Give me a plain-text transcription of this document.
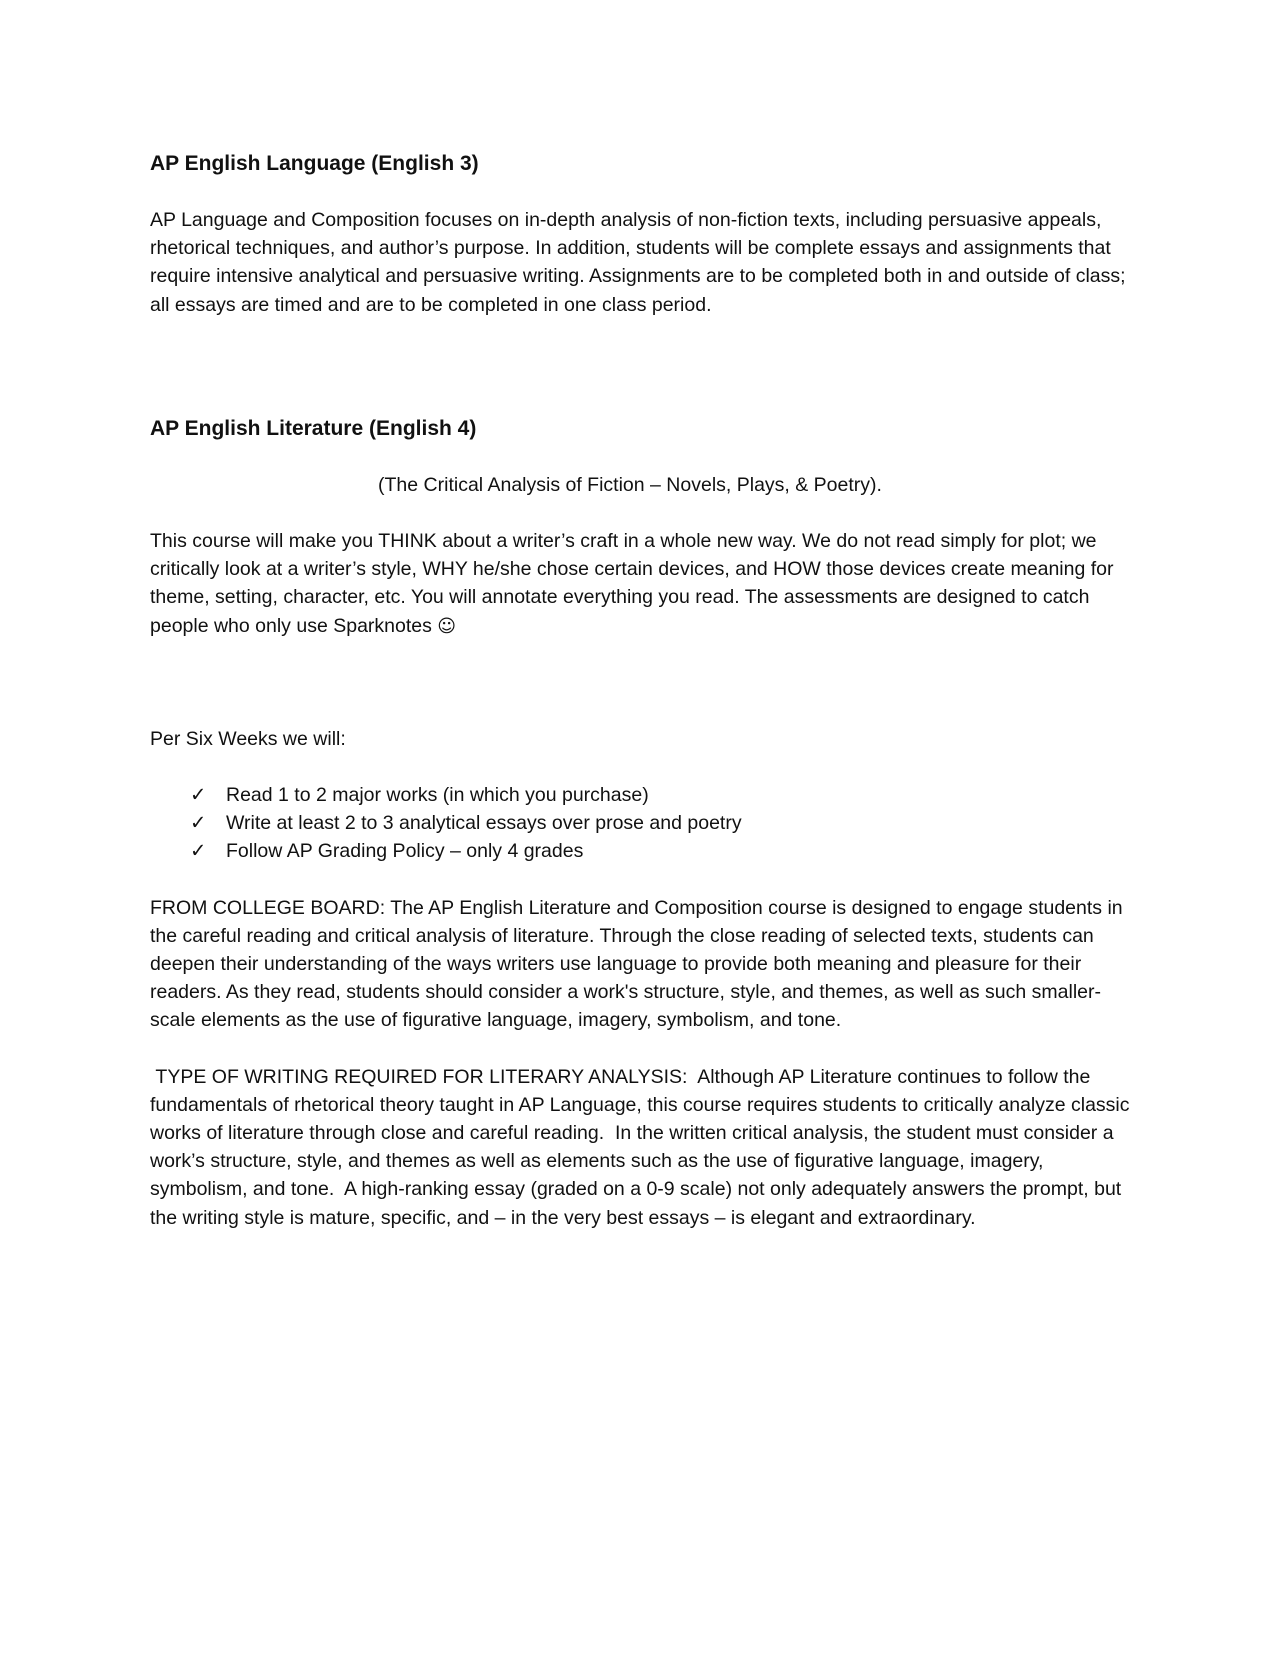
AP English Language (English 3)

AP Language and Composition focuses on in-depth analysis of non-fiction texts, including persuasive appeals, rhetorical techniques, and author’s purpose. In addition, students will be complete essays and assignments that require intensive analytical and persuasive writing. Assignments are to be completed both in and outside of class; all essays are timed and are to be completed in one class period.

AP English Literature (English 4)

(The Critical Analysis of Fiction – Novels, Plays, & Poetry).

This course will make you THINK about a writer’s craft in a whole new way. We do not read simply for plot; we critically look at a writer’s style, WHY he/she chose certain devices, and HOW those devices create meaning for theme, setting, character, etc. You will annotate everything you read. The assessments are designed to catch people who only use Sparknotes ☺

Per Six Weeks we will:

✓	Read 1 to 2 major works (in which you purchase)
✓	Write at least 2 to 3 analytical essays over prose and poetry
✓	Follow AP Grading Policy – only 4 grades

FROM COLLEGE BOARD: The AP English Literature and Composition course is designed to engage students in the careful reading and critical analysis of literature. Through the close reading of selected texts, students can deepen their understanding of the ways writers use language to provide both meaning and pleasure for their readers. As they read, students should consider a work's structure, style, and themes, as well as such smaller-scale elements as the use of figurative language, imagery, symbolism, and tone.

TYPE OF WRITING REQUIRED FOR LITERARY ANALYSIS:  Although AP Literature continues to follow the fundamentals of rhetorical theory taught in AP Language, this course requires students to critically analyze classic works of literature through close and careful reading.  In the written critical analysis, the student must consider a work’s structure, style, and themes as well as elements such as the use of figurative language, imagery, symbolism, and tone.  A high-ranking essay (graded on a 0-9 scale) not only adequately answers the prompt, but the writing style is mature, specific, and – in the very best essays – is elegant and extraordinary.
